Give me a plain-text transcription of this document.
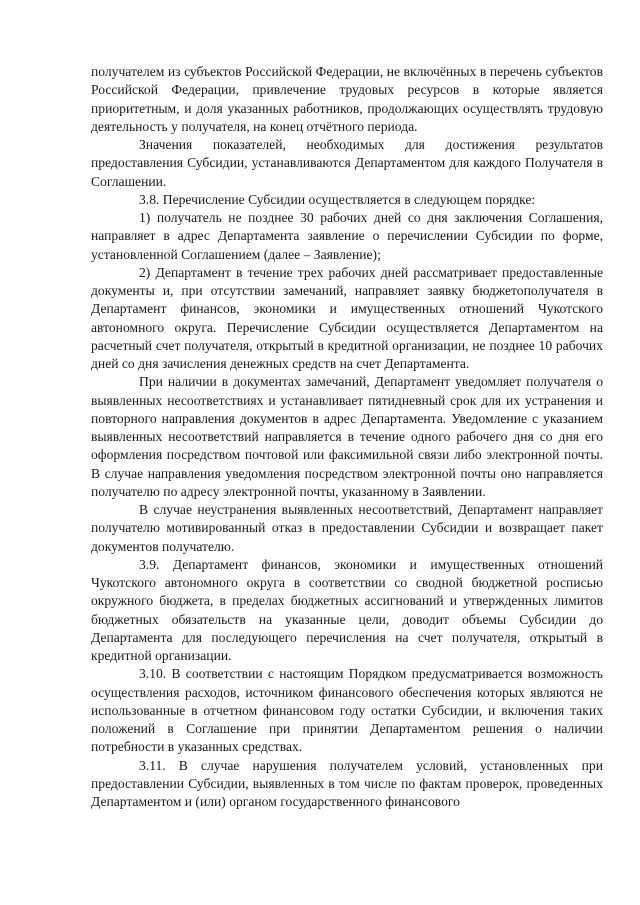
получателем из субъектов Российской Федерации, не включённых в перечень субъектов Российской Федерации, привлечение трудовых ресурсов в которые является приоритетным, и доля указанных работников, продолжающих осуществлять трудовую деятельность у получателя, на конец отчётного периода.

Значения показателей, необходимых для достижения результатов предоставления Субсидии, устанавливаются Департаментом для каждого Получателя в Соглашении.

3.8. Перечисление Субсидии осуществляется в следующем порядке:

1) получатель не позднее 30 рабочих дней со дня заключения Соглашения, направляет в адрес Департамента заявление о перечислении Субсидии по форме, установленной Соглашением (далее – Заявление);

2) Департамент в течение трех рабочих дней рассматривает предоставленные документы и, при отсутствии замечаний, направляет заявку бюджетополучателя в Департамент финансов, экономики и имущественных отношений Чукотского автономного округа. Перечисление Субсидии осуществляется Департаментом на расчетный счет получателя, открытый в кредитной организации, не позднее 10 рабочих дней со дня зачисления денежных средств на счет Департамента.

При наличии в документах замечаний, Департамент уведомляет получателя о выявленных несоответствиях и устанавливает пятидневный срок для их устранения и повторного направления документов в адрес Департамента. Уведомление с указанием выявленных несоответствий направляется в течение одного рабочего дня со дня его оформления посредством почтовой или факсимильной связи либо электронной почты. В случае направления уведомления посредством электронной почты оно направляется получателю по адресу электронной почты, указанному в Заявлении.

В случае неустранения выявленных несоответствий, Департамент направляет получателю мотивированный отказ в предоставлении Субсидии и возвращает пакет документов получателю.

3.9. Департамент финансов, экономики и имущественных отношений Чукотского автономного округа в соответствии со сводной бюджетной росписью окружного бюджета, в пределах бюджетных ассигнований и утвержденных лимитов бюджетных обязательств на указанные цели, доводит объемы Субсидии до Департамента для последующего перечисления на счет получателя, открытый в кредитной организации.

3.10. В соответствии с настоящим Порядком предусматривается возможность осуществления расходов, источником финансового обеспечения которых являются не использованные в отчетном финансовом году остатки Субсидии, и включения таких положений в Соглашение при принятии Департаментом решения о наличии потребности в указанных средствах.

3.11. В случае нарушения получателем условий, установленных при предоставлении Субсидии, выявленных в том числе по фактам проверок, проведенных Департаментом и (или) органом государственного финансового
